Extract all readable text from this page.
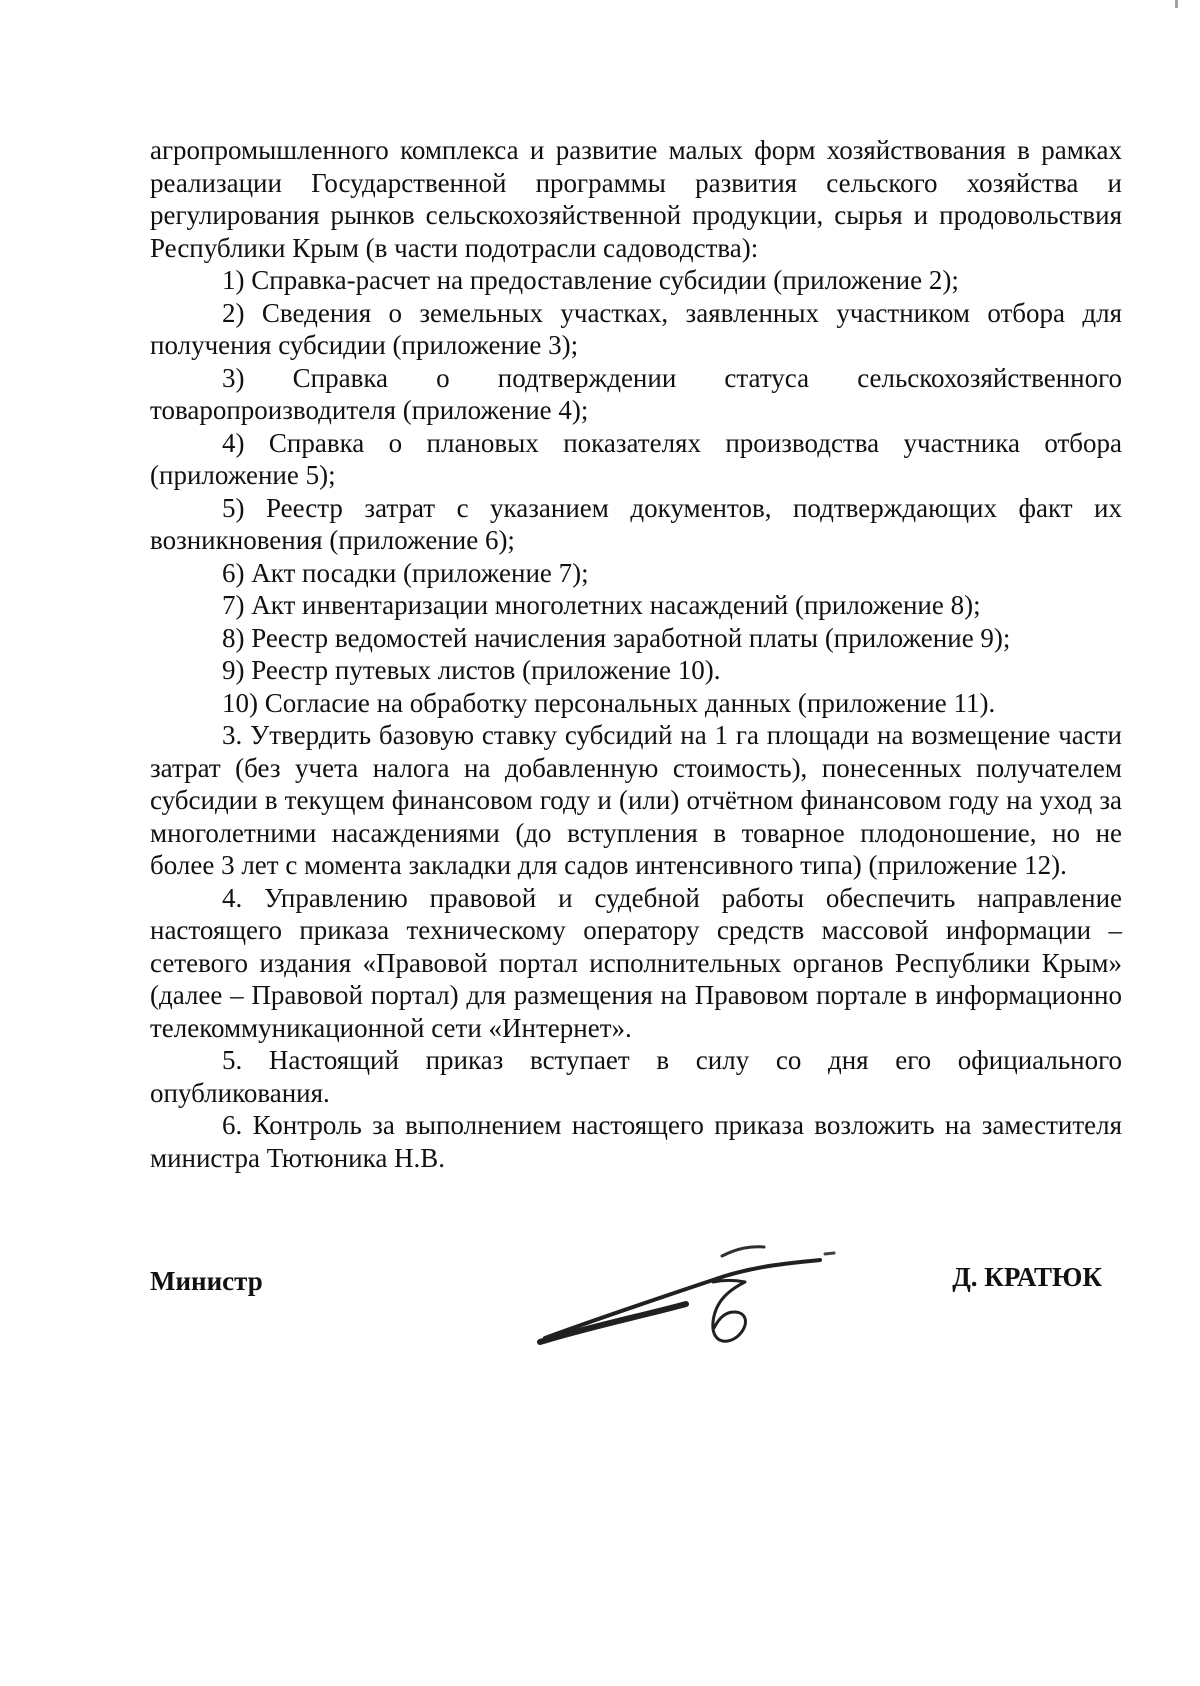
агропромышленного комплекса и развитие малых форм хозяйствования в рамках реализации Государственной программы развития сельского хозяйства и регулирования рынков сельскохозяйственной продукции, сырья и продовольствия Республики Крым (в части подотрасли садоводства):

1) Справка-расчет на предоставление субсидии (приложение 2);

2) Сведения о земельных участках, заявленных участником отбора для получения субсидии (приложение 3);

3) Справка о подтверждении статуса сельскохозяйственного товаропроизводителя (приложение 4);

4) Справка о плановых показателях производства участника отбора (приложение 5);

5) Реестр затрат с указанием документов, подтверждающих факт их возникновения (приложение 6);

6) Акт посадки (приложение 7);

7) Акт инвентаризации многолетних насаждений (приложение 8);

8) Реестр ведомостей начисления заработной платы (приложение 9);

9) Реестр путевых листов (приложение 10).

10) Согласие на обработку персональных данных (приложение 11).

3. Утвердить базовую ставку субсидий на 1 га площади на возмещение части затрат (без учета налога на добавленную стоимость), понесенных получателем субсидии в текущем финансовом году и (или) отчётном финансовом году на уход за многолетними насаждениями (до вступления в товарное плодоношение, но не более 3 лет с момента закладки для садов интенсивного типа) (приложение 12).

4. Управлению правовой и судебной работы обеспечить направление настоящего приказа техническому оператору средств массовой информации – сетевого издания «Правовой портал исполнительных органов Республики Крым» (далее – Правовой портал) для размещения на Правовом портале в информационно телекоммуникационной сети «Интернет».

5. Настоящий приказ вступает в силу со дня его официального опубликования.

6. Контроль за выполнением настоящего приказа возложить на заместителя министра Тютюника Н.В.

Министр	Д. КРАТЮК
